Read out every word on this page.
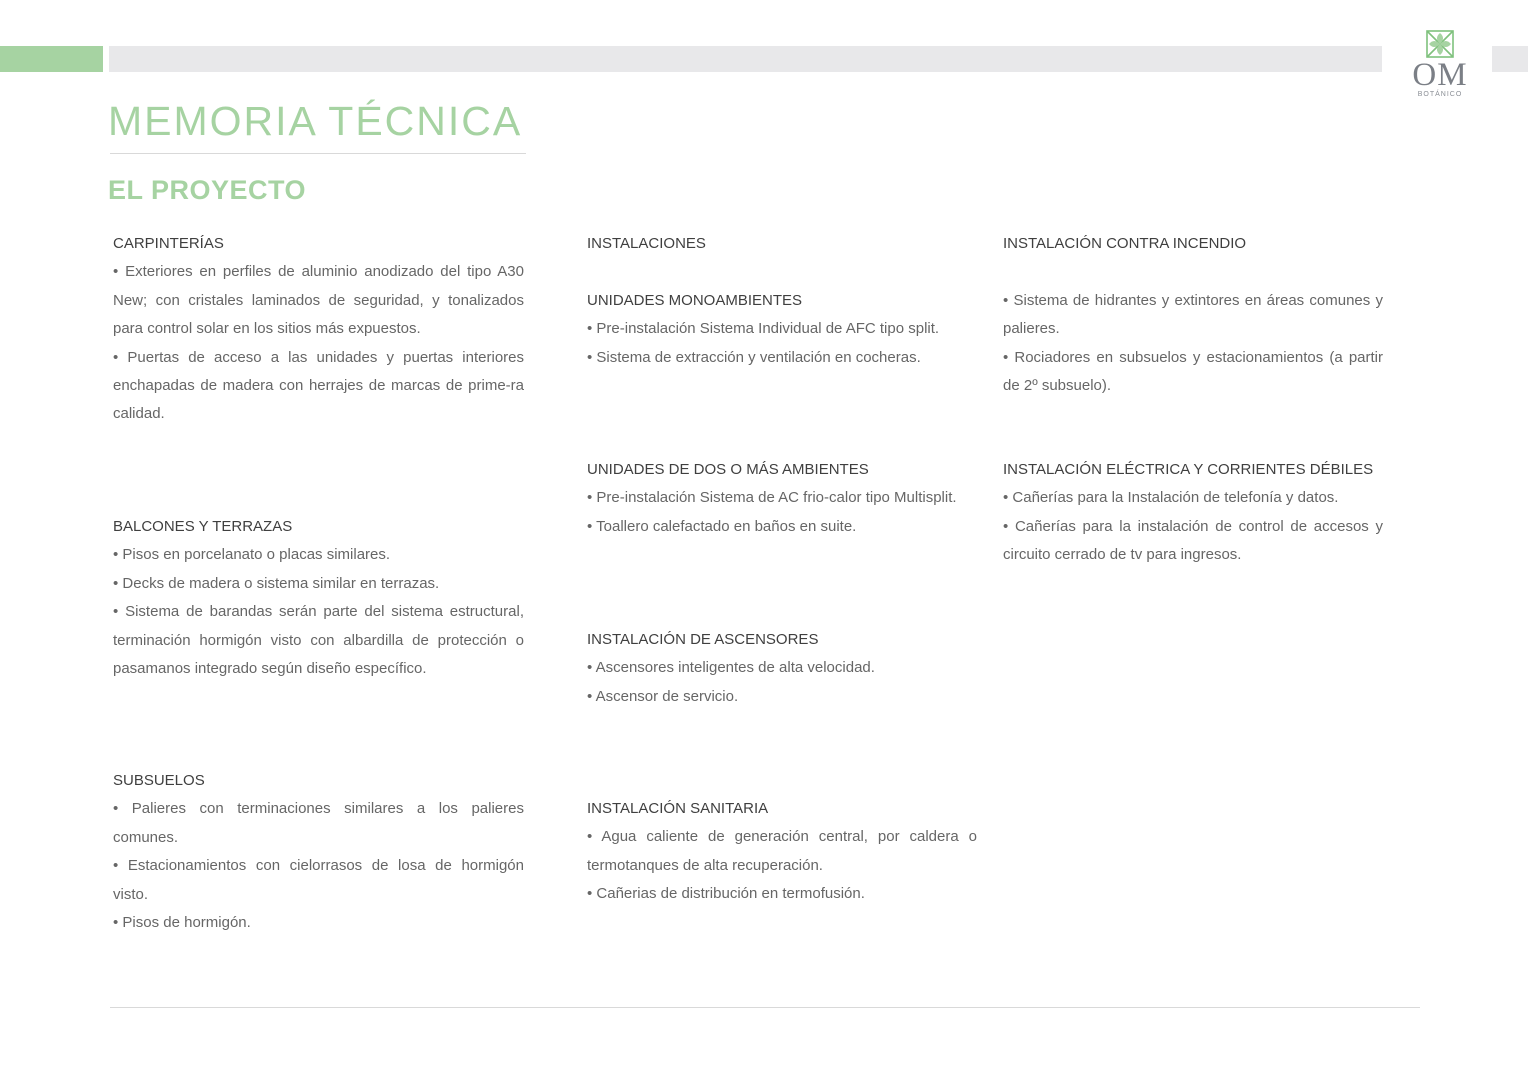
OM
BOTÁNICO
MEMORIA TÉCNICA
EL PROYECTO
CARPINTERÍAS

• Exteriores en perfiles de aluminio anodizado del tipo A30 New; con cristales laminados de seguridad, y tonalizados para control solar en los sitios más expuestos.

• Puertas de acceso a las unidades y puertas interiores enchapadas de madera con herrajes de marcas de prime-ra calidad.

BALCONES Y TERRAZAS

• Pisos en porcelanato o placas similares.

• Decks de madera o sistema similar en terrazas.

• Sistema de barandas serán parte del sistema estructural, terminación hormigón visto con albardilla de protección o pasamanos integrado según diseño específico.

SUBSUELOS

• Palieres con terminaciones similares a los palieres comunes.

• Estacionamientos con cielorrasos de losa de hormigón visto.

• Pisos de hormigón.

INSTALACIONES
UNIDADES MONOAMBIENTES

• Pre-instalación Sistema Individual de AFC tipo split.

• Sistema de extracción y ventilación en cocheras.

UNIDADES DE DOS O MÁS AMBIENTES

• Pre-instalación Sistema de AC frio-calor tipo Multisplit.

• Toallero calefactado en baños en suite.

INSTALACIÓN DE ASCENSORES

• Ascensores inteligentes de alta velocidad.

• Ascensor de servicio.

INSTALACIÓN SANITARIA

• Agua caliente de generación central, por caldera o termotanques de alta recuperación.

• Cañerias de distribución en termofusión.

INSTALACIÓN CONTRA INCENDIO

• Sistema de hidrantes y extintores en áreas comunes y palieres.

• Rociadores en subsuelos y estacionamientos (a partir de 2º subsuelo).

INSTALACIÓN ELÉCTRICA Y CORRIENTES DÉBILES

• Cañerías para la Instalación de telefonía y datos.

• Cañerías para la instalación de control de accesos y circuito cerrado de tv para ingresos.
